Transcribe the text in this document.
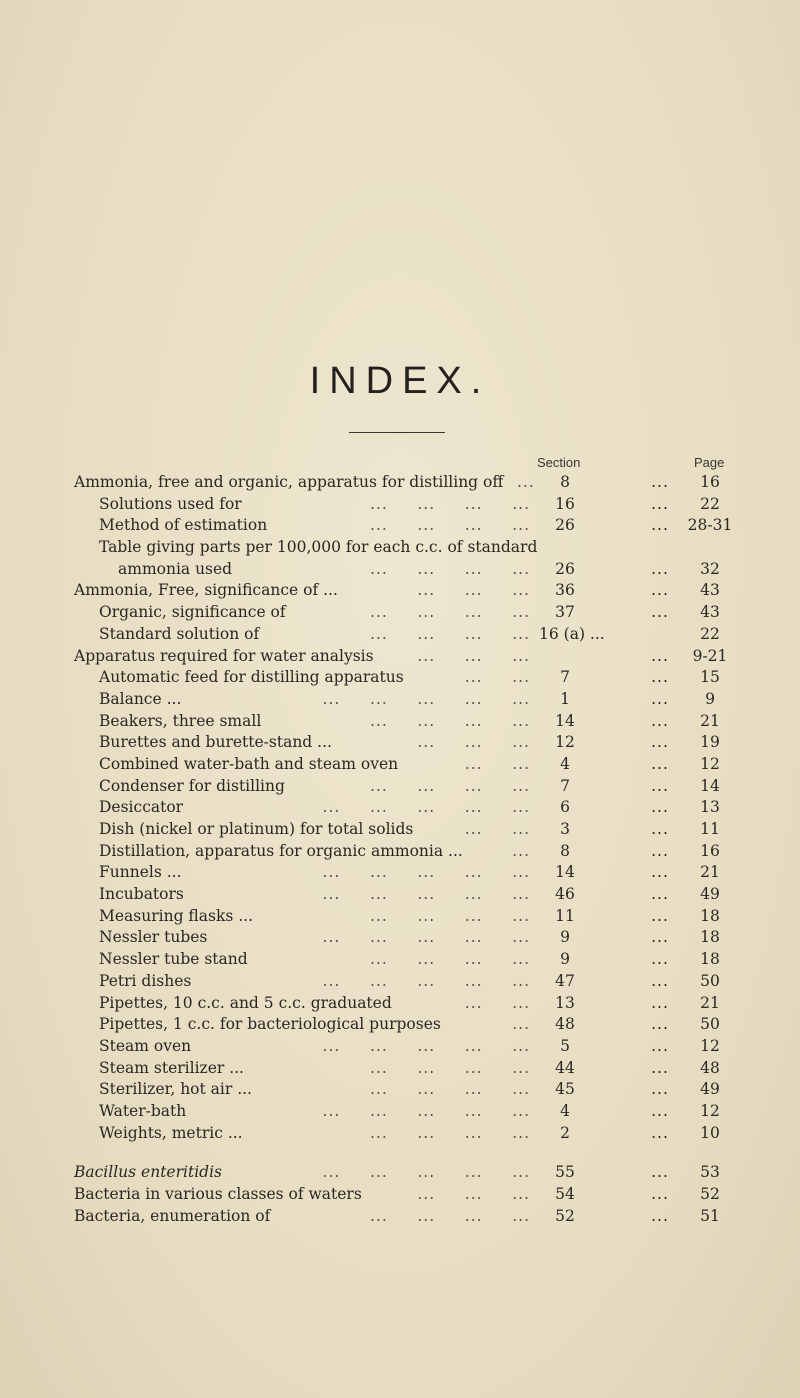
INDEX.
Section	Page
Ammonia, free and organic, apparatus for distilling off ...	8	...	16
Solutions used for	...     ...     ...     ...	16	...	22
Method of estimation	...     ...     ...     ...	26	...	28-31
Table giving parts per 100,000 for each c.c. of standard
ammonia used	...     ...     ...     ...	26	...	32
Ammonia, Free, significance of ...	...     ...     ...	36	...	43
Organic, significance of	...     ...     ...     ...	37	...	43
Standard solution of	...     ...     ...     ... 16 (a) ...	22
Apparatus required for water analysis	...     ...     ...	...	9-21
Automatic feed for distilling apparatus	...     ...	7	...	15
Balance ...	...     ...     ...     ...     ...	1	...	9
Beakers, three small	...     ...     ...     ...	14	...	21
Burettes and burette-stand ...	...     ...     ...	12	...	19
Combined water-bath and steam oven	...     ...	4	...	12
Condenser for distilling	...     ...     ...     ...	7	...	14
Desiccator	...     ...     ...     ...     ...	6	...	13
Dish (nickel or platinum) for total solids	...     ...	3	...	11
Distillation, apparatus for organic ammonia ...	...	8	...	16
Funnels ...	...     ...     ...     ...     ...	14	...	21
Incubators	...     ...     ...     ...     ...	46	...	49
Measuring flasks ...	...     ...     ...     ...	11	...	18
Nessler tubes	...     ...     ...     ...     ...	9	...	18
Nessler tube stand	...     ...     ...     ...	9	...	18
Petri dishes	...     ...     ...     ...     ...	47	...	50
Pipettes, 10 c.c. and 5 c.c. graduated	...     ...	13	...	21
Pipettes, 1 c.c. for bacteriological purposes	...	48	...	50
Steam oven	...     ...     ...     ...     ...	5	...	12
Steam sterilizer ...	...     ...     ...     ...	44	...	48
Sterilizer, hot air ...	...     ...     ...     ...	45	...	49
Water-bath	...     ...     ...     ...     ...	4	...	12
Weights, metric ...	...     ...     ...     ...	2	...	10
Bacillus enteritidis	...     ...     ...     ...     ...	55	...	53
Bacteria in various classes of waters	...     ...     ...	54	...	52
Bacteria, enumeration of	...     ...     ...     ...	52	...	51
